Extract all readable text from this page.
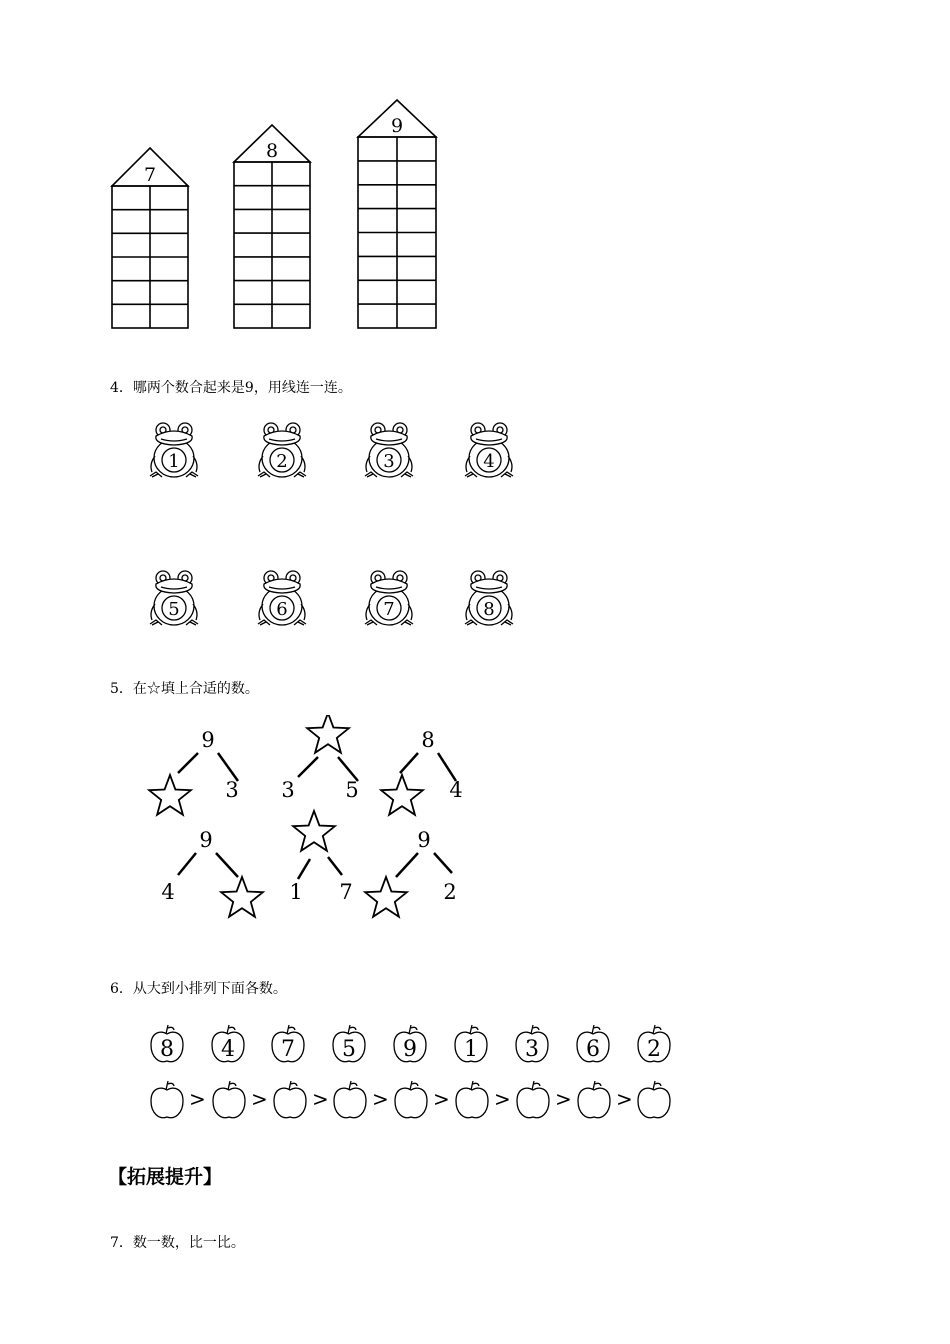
7
8
9
4．哪两个数合起来是9，用线连一连。
1	2	3	4
5	6	7	8
5．在☆填上合适的数。
9
3 3 5
8
4
9
4	1 7
9
2
6．从大到小排列下面各数。
8 4 7 5 9 1 3 6 2
> > > > > > > >
【拓展提升】
7．数一数，比一比。
